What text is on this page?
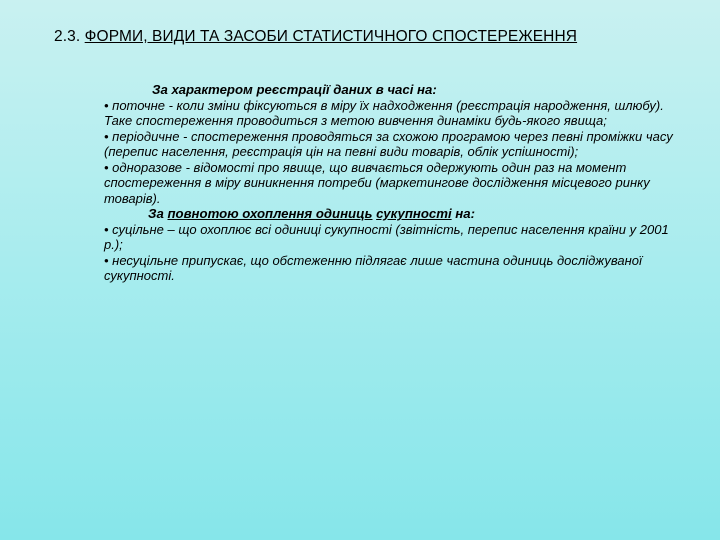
2.3. ФОРМИ, ВИДИ ТА ЗАСОБИ СТАТИСТИЧНОГО СПОСТЕРЕЖЕННЯ

За характером реєстрації даних в часі на:

• поточне - коли зміни фіксуються в міру їх надходження (реєстрація народження, шлюбу). Таке спостереження проводиться з метою вивчення динаміки будь-якого явища;

• періодичне - спостереження проводяться за схожою програмою через певні проміжки часу (перепис населення, реєстрація цін на певні види товарів, облік успішності);

• одноразове - відомості про явище, що вивчається одержують один раз на момент спостереження в міру виникнення потреби (маркетингове дослідження місцевого ринку товарів).

За повнотою охоплення одиниць сукупності на:

• суцільне – що охоплює всі одиниці сукупності (звітність, перепис населення країни у 2001 р.);

• несуцільне припускає, що обстеженню підлягає лише частина одиниць досліджуваної сукупності.
